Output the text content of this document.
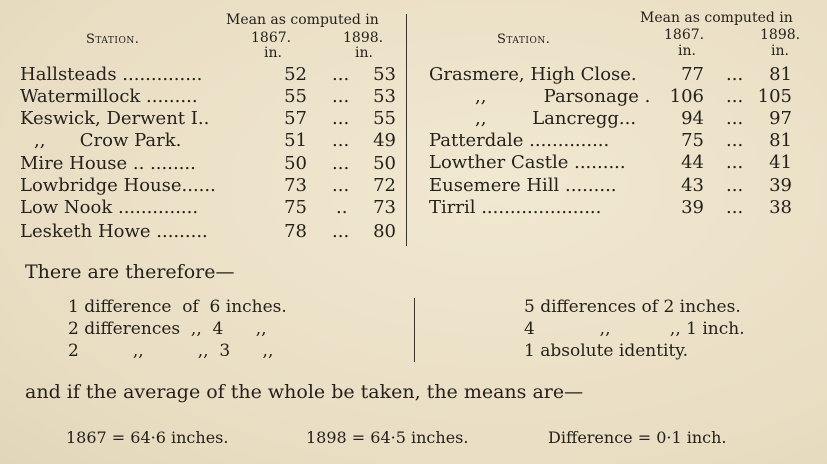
Station.
Mean as computed in
1867.	1898.
in.	in.
Station.
Mean as computed in
1867.	1898.
in.	in.
Hallsteads ..............	52 ...	53
Watermillock .........	55 ...	53
Keswick, Derwent I..	57 ...	55
,,      Crow Park.	51 ...	49
Mire House .. ........	50 ...	50
Lowbridge House......	73 ...	72
Low Nook ..............	75 ..	73
Lesketh Howe .........	78 ...	80
Grasmere, High Close.	77 ...	81
,,          Parsonage . 106 ... 105
,,        Lancregg...	94 ...	97
Patterdale ..............	75 ...	81
Lowther Castle .........	44 ...	41
Eusemere Hill .........	43 ...	39
Tirril .....................	39 ...	38
There are therefore—
1 difference  of  6 inches.
2 differences  ,,  4      ,,
2          ,,          ,,  3      ,,
5 differences of 2 inches.
4            ,,           ,, 1 inch.
1 absolute identity.
and if the average of the whole be taken, the means are—
1867 = 64·6 inches.	1898 = 64·5 inches.	Difference = 0·1 inch.
